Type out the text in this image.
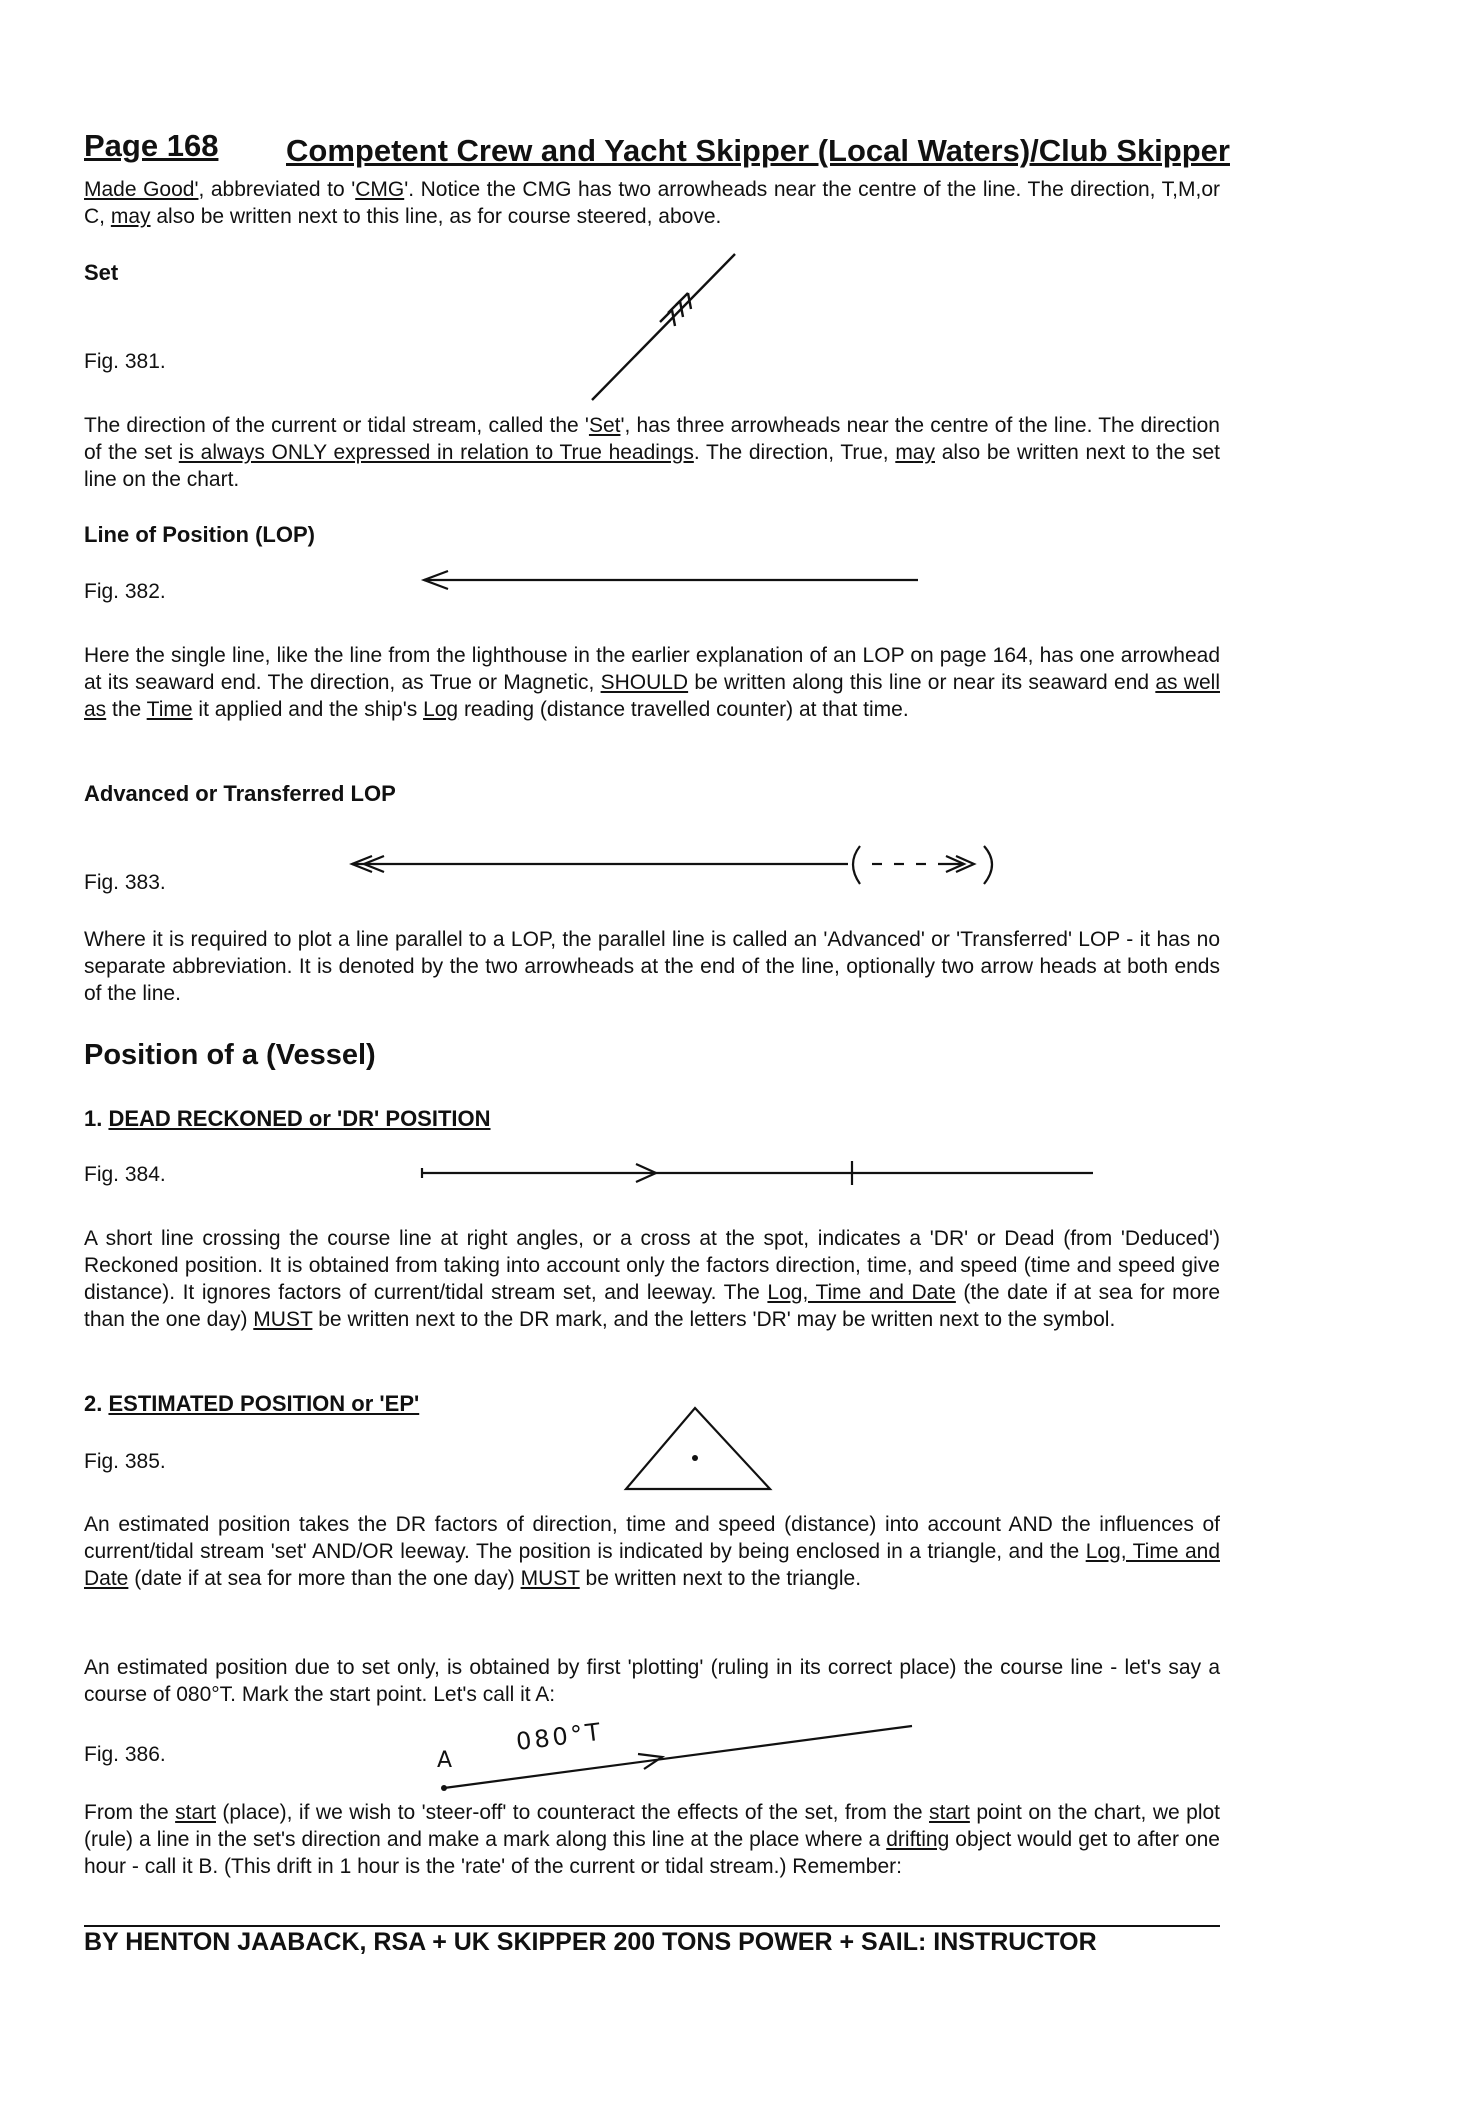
Page 168 Competent Crew and Yacht Skipper (Local Waters)/Club Skipper
Made Good', abbreviated to 'CMG'. Notice the CMG has two arrowheads near the centre of the line. The direction, T,M,or C, may also be written next to this line, as for course steered, above.
Set
Fig. 381.
The direction of the current or tidal stream, called the 'Set', has three arrowheads near the centre of the line. The direction of the set is always ONLY expressed in relation to True headings. The direction, True, may also be written next to the set line on the chart.
Line of Position (LOP)
Fig. 382.
Here the single line, like the line from the lighthouse in the earlier explanation of an LOP on page 164, has one arrowhead at its seaward end. The direction, as True or Magnetic, SHOULD be written along this line or near its seaward end as well as the Time it applied and the ship's Log reading (distance travelled counter) at that time.
Advanced or Transferred LOP
Fig. 383.
Where it is required to plot a line parallel to a LOP, the parallel line is called an 'Advanced' or 'Transferred' LOP - it has no separate abbreviation. It is denoted by the two arrowheads at the end of the line, optionally two arrow heads at both ends of the line.
Position of a (Vessel)
1. DEAD RECKONED or 'DR' POSITION
Fig. 384.
A short line crossing the course line at right angles, or a cross at the spot, indicates a 'DR' or Dead (from 'Deduced') Reckoned position. It is obtained from taking into account only the factors direction, time, and speed (time and speed give distance). It ignores factors of current/tidal stream set, and leeway. The Log, Time and Date (the date if at sea for more than the one day) MUST be written next to the DR mark, and the letters 'DR' may be written next to the symbol.
2. ESTIMATED POSITION or 'EP'
Fig. 385.
An estimated position takes the DR factors of direction, time and speed (distance) into account AND the influences of current/tidal stream 'set' AND/OR leeway. The position is indicated by being enclosed in a triangle, and the Log, Time and Date (date if at sea for more than the one day) MUST be written next to the triangle.
An estimated position due to set only, is obtained by first 'plotting' (ruling in its correct place) the course line - let's say a course of 080°T. Mark the start point. Let's call it A:
Fig. 386.	A
080°T
From the start (place), if we wish to 'steer-off' to counteract the effects of the set, from the start point on the chart, we plot (rule) a line in the set's direction and make a mark along this line at the place where a drifting object would get to after one hour - call it B. (This drift in 1 hour is the 'rate' of the current or tidal stream.) Remember:
BY HENTON JAABACK, RSA + UK SKIPPER 200 TONS POWER + SAIL: INSTRUCTOR
